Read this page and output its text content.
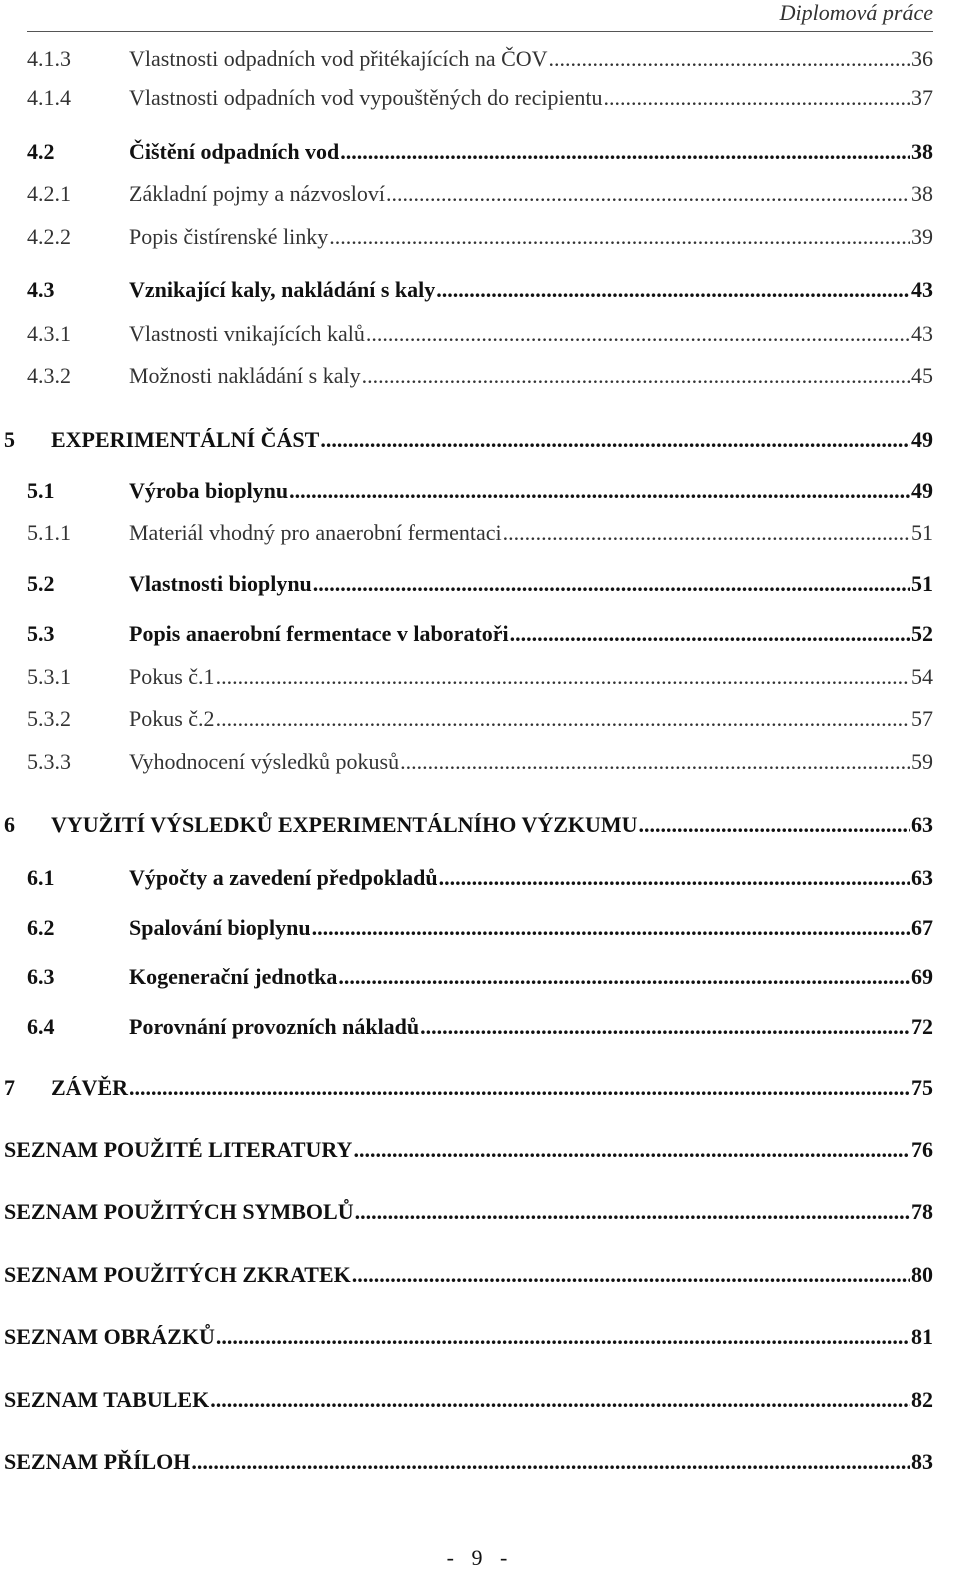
Diplomová práce
4.1.3	Vlastnosti odpadních vod přitékajících na ČOV .....	36
4.1.4	Vlastnosti odpadních vod vypouštěných do recipientu .....	37
4.2	Čištění odpadních vod .....	38
4.2.1	Základní pojmy a názvosloví .....	38
4.2.2	Popis čistírenské linky .....	39
4.3	Vznikající kaly, nakládání s kaly .....	43
4.3.1	Vlastnosti vnikajících kalů .....	43
4.3.2	Možnosti nakládání s kaly .....	45
5	EXPERIMENTÁLNÍ ČÁST .....	49
5.1	Výroba bioplynu .....	49
5.1.1	Materiál vhodný pro anaerobní fermentaci .....	51
5.2	Vlastnosti bioplynu .....	51
5.3	Popis anaerobní fermentace v laboratoři .....	52
5.3.1	Pokus č.1 .....	54
5.3.2	Pokus č.2 .....	57
5.3.3	Vyhodnocení výsledků pokusů .....	59
6	VYUŽITÍ VÝSLEDKŮ EXPERIMENTÁLNÍHO VÝZKUMU .....	63
6.1	Výpočty a zavedení předpokladů .....	63
6.2	Spalování bioplynu .....	67
6.3	Kogenerační jednotka .....	69
6.4	Porovnání provozních nákladů .....	72
7	ZÁVĚR .....	75
SEZNAM POUŽITÉ LITERATURY .....	76
SEZNAM POUŽITÝCH SYMBOLŮ .....	78
SEZNAM POUŽITÝCH ZKRATEK .....	80
SEZNAM OBRÁZKŮ .....	81
SEZNAM TABULEK .....	82
SEZNAM PŘÍLOH .....	83
- 9 -
